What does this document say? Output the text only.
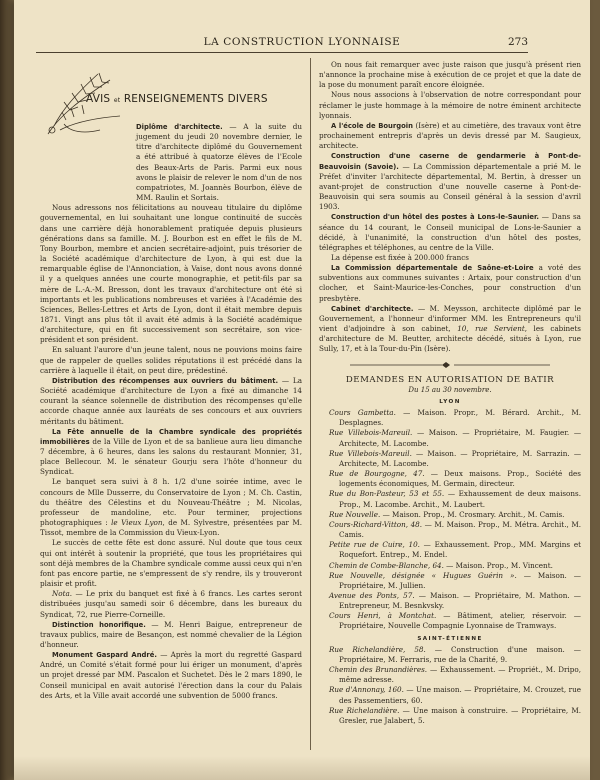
LA CONSTRUCTION LYONNAISE	273
AVIS et RENSEIGNEMENTS DIVERS

Diplôme d'architecte. — A la suite du jugement du jeudi 20 novembre dernier, le titre d'architecte diplômé du Gouvernement a été attribué à quatorze élèves de l'Ecole des Beaux-Arts de Paris. Parmi eux nous avons le plaisir de relever le nom d'un de nos compatriotes, M. Joannès Bourbon, élève de MM. Raulin et Sortais.

Nous adressons nos félicitations au nouveau titulaire du diplôme gouvernemental, en lui souhaitant une longue continuité de succès dans une carrière déjà honorablement pratiquée depuis plusieurs générations dans sa famille. M. J. Bourbon est en effet le fils de M. Tony Bourbon, membre et ancien secrétaire-adjoint, puis trésorier de la Société académique d'architecture de Lyon, à qui est due la remarquable église de l'Annonciation, à Vaise, dont nous avons donné il y a quelques années une courte monographie, et petit-fils par sa mère de L.-A.-M. Bresson, dont les travaux d'architecture ont été si importants et les publications nombreuses et variées à l'Académie des Sciences, Belles-Lettres et Arts de Lyon, dont il était membre depuis 1871. Vingt ans plus tôt il avait été admis à la Société académique d'architecture, qui en fit successivement son secrétaire, son vice-président et son président.

En saluant l'aurore d'un jeune talent, nous ne pouvions moins faire que de rappeler de quelles solides réputations il est précédé dans la carrière à laquelle il était, on peut dire, prédestiné.

Distribution des récompenses aux ouvriers du bâtiment. — La Société académique d'architecture de Lyon a fixé au dimanche 14 courant la séance solennelle de distribution des récompenses qu'elle accorde chaque année aux lauréats de ses concours et aux ouvriers méritants du bâtiment.

La Fête annuelle de la Chambre syndicale des propriétés immobilières de la Ville de Lyon et de sa banlieue aura lieu dimanche 7 décembre, à 6 heures, dans les salons du restaurant Monnier, 31, place Bellecour. M. le sénateur Gourju sera l'hôte d'honneur du Syndicat.

Le banquet sera suivi à 8 h. 1/2 d'une soirée intime, avec le concours de Mlle Dusserre, du Conservatoire de Lyon ; M. Ch. Castin, du théâtre des Célestins et du Nouveau-Théâtre ; M. Nicolas, professeur de mandoline, etc. Pour terminer, projections photographiques : le Vieux Lyon, de M. Sylvestre, présentées par M. Tissot, membre de la Commission du Vieux-Lyon.

Le succès de cette fête est donc assuré. Nul doute que tous ceux qui ont intérêt à soutenir la propriété, que tous les propriétaires qui sont déjà membres de la Chambre syndicale comme aussi ceux qui n'en font pas encore partie, ne s'empressent de s'y rendre, ils y trouveront plaisir et profit.

Nota. — Le prix du banquet est fixé à 6 francs. Les cartes seront distribuées jusqu'au samedi soir 6 décembre, dans les bureaux du Syndicat, 72, rue Pierre-Corneille.

Distinction honorifique. — M. Henri Baigue, entrepreneur de travaux publics, maire de Besançon, est nommé chevalier de la Légion d'honneur.

Monument Gaspard André. — Après la mort du regretté Gaspard André, un Comité s'était formé pour lui ériger un monument, d'après un projet dressé par MM. Pascalon et Suchetet. Dès le 2 mars 1890, le Conseil municipal en avait autorisé l'érection dans la cour du Palais des Arts, et la Ville avait accordé une subvention de 5000 francs.

On nous fait remarquer avec juste raison que jusqu'à présent rien n'annonce la prochaine mise à exécution de ce projet et que la date de la pose du monument paraît encore éloignée.

Nous nous associons à l'observation de notre correspondant pour réclamer le juste hommage à la mémoire de notre éminent architecte lyonnais.

A l'école de Bourgoin (Isère) et au cimetière, des travaux vont être prochainement entrepris d'après un devis dressé par M. Saugieux, architecte.

Construction d'une caserne de gendarmerie à Pont-de-Beauvoisin (Savoie). — La Commission départementale a prié M. le Préfet d'inviter l'architecte départemental, M. Bertin, à dresser un avant-projet de construction d'une nouvelle caserne à Pont-de-Beauvoisin qui sera soumis au Conseil général à la session d'avril 1903.

Construction d'un hôtel des postes à Lons-le-Saunier. — Dans sa séance du 14 courant, le Conseil municipal de Lons-le-Saunier a décidé, à l'unanimité, la construction d'un hôtel des postes, télégraphes et téléphones, au centre de la Ville.

La dépense est fixée à 200.000 francs

La Commission départementale de Saône-et-Loire a voté des subventions aux communes suivantes : Artaix, pour construction d'un clocher, et Saint-Maurice-les-Conches, pour construction d'un presbytère.

Cabinet d'architecte. — M. Meysson, architecte diplômé par le Gouvernement, a l'honneur d'informer MM. les Entrepreneurs qu'il vient d'adjoindre à son cabinet, 10, rue Servient, les cabinets d'architecture de M. Beutter, architecte décédé, situés à Lyon, rue Sully, 17, et à la Tour-du-Pin (Isère).

DEMANDES EN AUTORISATION DE BATIR
Du 15 au 30 novembre.
LYON

Cours Gambetta. — Maison. Propr., M. Bérard. Archit., M. Desplagnes.

Rue Villebois-Mareuil. — Maison. — Propriétaire, M. Faugier. — Architecte, M. Lacombe.

Rue Villebois-Mareuil. — Maison. — Propriétaire, M. Sarrazin. — Architecte, M. Lacombe.

Rue de Bourgogne, 47. — Deux maisons. Prop., Société des logements économiques, M. Germain, directeur.

Rue du Bon-Pasteur, 53 et 55. — Exhaussement de deux maisons. Prop., M. Lacombe. Archit., M. Laubert.

Rue Nouvelle. — Maison. Prop., M. Crosmary. Archit., M. Camis.

Cours-Richard-Vitton, 48. — M. Maison. Prop., M. Métra. Archit., M. Camis.

Petite rue de Cuire, 10. — Exhaussement. Prop., MM. Margins et Roquefort. Entrep., M. Endel.

Chemin de Combe-Blanche, 64. — Maison. Prop., M. Vincent.

Rue Nouvelle, désignée « Hugues Guérin ». — Maison. — Propriétaire, M. Jullien.

Avenue des Ponts, 57. — Maison. — Propriétaire, M. Mathon. — Entrepreneur, M. Besnkvsky.

Cours Henri, à Montchat. — Bâtiment, atelier, réservoir. — Propriétaire, Nouvelle Compagnie Lyonnaise de Tramways.

SAINT-ÉTIENNE

Rue Richelandière, 58. — Construction d'une maison. — Propriétaire, M. Ferraris, rue de la Charité, 9.

Chemin des Brunandières. — Exhaussement. — Propriét., M. Dripo, même adresse.

Rue d'Annonay, 160. — Une maison. — Propriétaire, M. Crouzet, rue des Passementiers, 60.

Rue Richelandière. — Une maison à construire. — Propriétaire, M. Gresler, rue Jalabert, 5.
